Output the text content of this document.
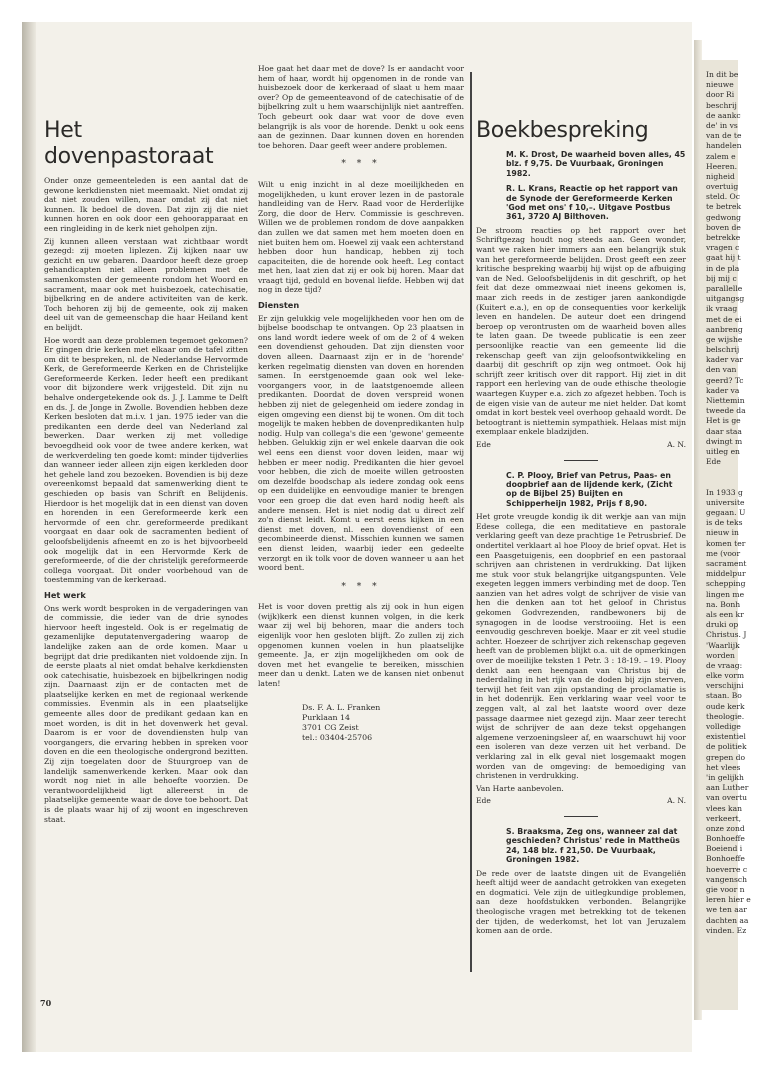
Het dovenpastoraat

Onder onze gemeenteleden is een aantal dat de gewone kerkdiensten niet meemaakt. Niet omdat zij dat niet zouden willen, maar omdat zij dat niet kunnen. Ik bedoel de doven. Dat zijn zij die niet kunnen horen en ook door een gehoorapparaat en een ringleiding in de kerk niet geholpen zijn.

Zij kunnen alleen verstaan wat zichtbaar wordt gezegd: zij moeten liplezen. Zij kijken naar uw gezicht en uw gebaren. Daardoor heeft deze groep gehandicapten niet alleen problemen met de samenkomsten der gemeente rondom het Woord en sacrament, maar ook met huisbezoek, catechisatie, bijbelkring en de andere activiteiten van de kerk. Toch behoren zij bij de gemeente, ook zij maken deel uit van de gemeenschap die haar Heiland kent en belijdt.

Hoe wordt aan deze problemen tegemoet gekomen? Er gingen drie kerken met elkaar om de tafel zitten om dit te bespreken, nl. de Nederlandse Hervormde Kerk, de Gereformeerde Kerken en de Christelijke Gereformeerde Kerken. Ieder heeft een predikant voor dit bijzondere werk vrijgesteld. Dit zijn nu behalve ondergetekende ook ds. J. J. Lamme te Delft en ds. J. de Jonge in Zwolle. Bovendien hebben deze Kerken besloten dat m.i.v. 1 jan. 1975 ieder van die predikanten een derde deel van Nederland zal bewerken. Daar werken zij met volledige bevoegdheid ook voor de twee andere kerken, wat de werkverdeling ten goede komt: minder tijdverlies dan wanneer ieder alleen zijn eigen kerkleden door het gehele land zou bezoeken. Bovendien is bij deze overeenkomst bepaald dat samenwerking dient te geschieden op basis van Schrift en Belijdenis. Hierdoor is het mogelijk dat in een dienst van doven en horenden in een Gereformeerde kerk een hervormde of een chr. gereformeerde predikant voorgaat en daar ook de sacramenten bedient of geloofsbelijdenis afneemt en zo is het bijvoorbeeld ook mogelijk dat in een Hervormde Kerk de gereformeerde, of die der christelijk gereformeerde collega voorgaat. Dit onder voorbehoud van de toestemming van de kerkeraad.

Het werk

Ons werk wordt besproken in de vergaderingen van de commissie, die ieder van de drie synodes hiervoor heeft ingesteld. Ook is er regelmatig de gezamenlijke deputatenvergadering waarop de landelijke zaken aan de orde komen. Maar u begrijpt dat drie predikanten niet voldoende zijn. In de eerste plaats al niet omdat behalve kerkdiensten ook catechisatie, huisbezoek en bijbelkringen nodig zijn. Daarnaast zijn er de contacten met de plaatselijke kerken en met de regionaal werkende commissies. Evenmin als in een plaatselijke gemeente alles door de predikant gedaan kan en moet worden, is dit in het dovenwerk het geval. Daarom is er voor de dovendiensten hulp van voorgangers, die ervaring hebben in spreken voor doven en die een theologische ondergrond bezitten. Zij zijn toegelaten door de Stuurgroep van de landelijk samenwerkende kerken. Maar ook dan wordt nog niet in alle behoefte voorzien. De verantwoordelijkheid ligt allereerst in de plaatselijke gemeente waar de dove toe behoort. Dat is de plaats waar hij of zij woont en ingeschreven staat.

Hoe gaat het daar met de dove? Is er aandacht voor hem of haar, wordt hij opgenomen in de ronde van huisbezoek door de kerkeraad of slaat u hem maar over? Op de gemeenteavond of de catechisatie of de bijbelkring zult u hem waarschijnlijk niet aantreffen. Toch gebeurt ook daar wat voor de dove even belangrijk is als voor de horende. Denkt u ook eens aan de gezinnen. Daar kunnen doven en horenden toe behoren. Daar geeft weer andere problemen.

* * *

Wilt u enig inzicht in al deze moeilijkheden en mogelijkheden, u kunt erover lezen in de pastorale handleiding van de Herv. Raad voor de Herderlijke Zorg, die door de Herv. Commissie is geschreven. Willen we de problemen rondom de dove aanpakken dan zullen we dat samen met hem moeten doen en niet buiten hem om. Hoewel zij vaak een achterstand hebben door hun handicap, hebben zij toch capaciteiten, die de horende ook heeft. Leg contact met hen, laat zien dat zij er ook bij horen. Maar dat vraagt tijd, geduld en bovenal liefde. Hebben wij dat nog in deze tijd?

Diensten

Er zijn gelukkig vele mogelijkheden voor hen om de bijbelse boodschap te ontvangen. Op 23 plaatsen in ons land wordt iedere week of om de 2 of 4 weken een dovendienst gehouden. Dat zijn diensten voor doven alleen. Daarnaast zijn er in de 'horende' kerken regelmatig diensten van doven en horenden samen. In eerstgenoemde gaan ook wel leke-voorgangers voor, in de laatstgenoemde alleen predikanten. Doordat de doven verspreid wonen hebben zij niet de gelegenheid om iedere zondag in eigen omgeving een dienst bij te wonen. Om dit toch mogelijk te maken hebben de dovenpredikanten hulp nodig. Hulp van collega's die een 'gewone' gemeente hebben. Gelukkig zijn er wel enkele daarvan die ook wel eens een dienst voor doven leiden, maar wij hebben er meer nodig. Predikanten die hier gevoel voor hebben, die zich de moeite willen getroosten om dezelfde boodschap als iedere zondag ook eens op een duidelijke en eenvoudige manier te brengen voor een groep die dat even hard nodig heeft als andere mensen. Het is niet nodig dat u direct zelf zo'n dienst leidt. Komt u eerst eens kijken in een dienst met doven, nl. een dovendienst of een gecombineerde dienst. Misschien kunnen we samen een dienst leiden, waarbij ieder een gedeelte verzorgt en ik tolk voor de doven wanneer u aan het woord bent.

* * *

Het is voor doven prettig als zij ook in hun eigen (wijk)kerk een dienst kunnen volgen, in die kerk waar zij wel bij behoren, maar die anders toch eigenlijk voor hen gesloten blijft. Zo zullen zij zich opgenomen kunnen voelen in hun plaatselijke gemeente. Ja, er zijn mogelijkheden om ook de doven met het evangelie te bereiken, misschien meer dan u denkt. Laten we de kansen niet onbenut laten!

Ds. F. A. L. Franken
Purklaan 14
3701 CG Zeist
tel.: 03404-25706
Boekbespreking
M. K. Drost, De waarheid boven alles, 45 blz. f 9,75. De Vuurbaak, Groningen 1982.
R. L. Krans, Reactie op het rapport van de Synode der Gereformeerde Kerken 'God met ons' f 10,–. Uitgave Postbus 361, 3720 AJ Bilthoven.

De stroom reacties op het rapport over het Schriftgezag houdt nog steeds aan. Geen wonder, want we raken hier immers aan een belangrijk stuk van het gereformeerde belijden. Drost geeft een zeer kritische bespreking waarbij hij wijst op de afbuiging van de Ned. Geloofsbelijdenis in dit geschrift, op het feit dat deze ommezwaai niet ineens gekomen is, maar zich reeds in de zestiger jaren aankondigde (Kuitert e.a.), en op de consequenties voor kerkelijk leven en handelen. De auteur doet een dringend beroep op verontrusten om de waarheid boven alles te laten gaan. De tweede publicatie is een zeer persoonlijke reactie van een gemeente lid die rekenschap geeft van zijn geloofsontwikkeling en daarbij dit geschrift op zijn weg ontmoet. Ook hij schrijft zeer kritisch over dit rapport. Hij ziet in dit rapport een herleving van de oude ethische theologie waartegen Kuyper e.a. zich zo afgezet hebben. Toch is de eigen visie van de auteur me niet helder. Dat komt omdat in kort bestek veel overhoop gehaald wordt. De betoogtrant is niettemin sympathiek. Helaas mist mijn exemplaar enkele bladzijden.

Ede	A. N.
C. P. Plooy, Brief van Petrus, Paas- en doopbrief aan de lijdende kerk, (Zicht op de Bijbel 25) Buijten en Schipperheijn 1982, Prijs f 8,90.

Het grote vreugde kondig ik dit werkje aan van mijn Edese collega, die een meditatieve en pastorale verklaring geeft van deze prachtige 1e Petrusbrief. De ondertitel verklaart al hoe Plooy de brief opvat. Het is een Paasgetuigenis, een doopbrief en een pastoraal schrijven aan christenen in verdrukking. Dat lijken me stuk voor stuk belangrijke uitgangspunten. Vele exegeten leggen immers verbinding met de doop. Ten aanzien van het adres volgt de schrijver de visie van hen die denken aan tot het geloof in Christus gekomen Godvrezenden, randbewoners bij de synagogen in de loodse verstrooiing. Het is een eenvoudig geschreven boekje. Maar er zit veel studie achter. Hoezeer de schrijver zich rekenschap gegeven heeft van de problemen blijkt o.a. uit de opmerkingen over de moeilijke teksten 1 Petr. 3 : 18-19. – 19. Plooy denkt aan een heengaan van Christus bij de nederdaling in het rijk van de doden bij zijn sterven, terwijl het feit van zijn opstanding de proclamatie is in het dodenrijk. Een verklaring waar veel voor te zeggen valt, al zal het laatste woord over deze passage daarmee niet gezegd zijn. Maar zeer terecht wijst de schrijver de aan deze tekst opgehangen algemene verzoeningsleer af, en waarschuwt hij voor een isoleren van deze verzen uit het verband. De verklaring zal in elk geval niet losgemaakt mogen worden van de omgeving: de bemoediging van christenen in verdrukking.

Van Harte aanbevolen.

Ede	A. N.
S. Braaksma, Zeg ons, wanneer zal dat geschieden? Christus' rede in Mattheüs 24, 148 blz. f 21,50. De Vuurbaak, Groningen 1982.

De rede over de laatste dingen uit de Evangeliën heeft altijd weer de aandacht getrokken van exegeten en dogmatici. Vele zijn de uitlegkundige problemen, aan deze hoofdstukken verbonden. Belangrijke theologische vragen met betrekking tot de tekenen der tijden, de wederkomst, het lot van Jeruzalem komen aan de orde.

70
In dit be
nieuwe
door Ri
beschrij
de aankc
de' in vs
van de te
handelen
zalem e
Heeren.
nigheid
overtuig
steld. Oc
te betrek
gedwong
boven de
betrekke
vragen c
gaat hij t
in de pla
bij mij c
parallelle
uitgangsg
ik vraag
met de ei
aanbreng
ge wijshe
belschrij
kader var
den van
geerd? Tc
kader va
Niettemin
tweede da
Het is ge
daar staa
dwingt m
uitleg en
Ede
In 1933 g
universite
gegaan. U
is de teks
nieuw in
komen ter
me (voor
sacrament
middelpur
schepping
lingen me
na. Bonh
als een kr
druki op
Christus. J
'Waarlijk
worden
de vraag:
elke vorm
verschijni
staan. Bo
oude kerk
theologie.
volledige
existentiel
de politiek
grepen do
het vlees
'in gelijkh
aan Luther
van overtu
vlees kan
verkeert,
onze zond
Bonhoeffe
Boeiend i
Bonhoeffe
hoeverre c
vangensch
gie voor n
leren hier e
we ten aar
dachten aa
vinden. Ez
